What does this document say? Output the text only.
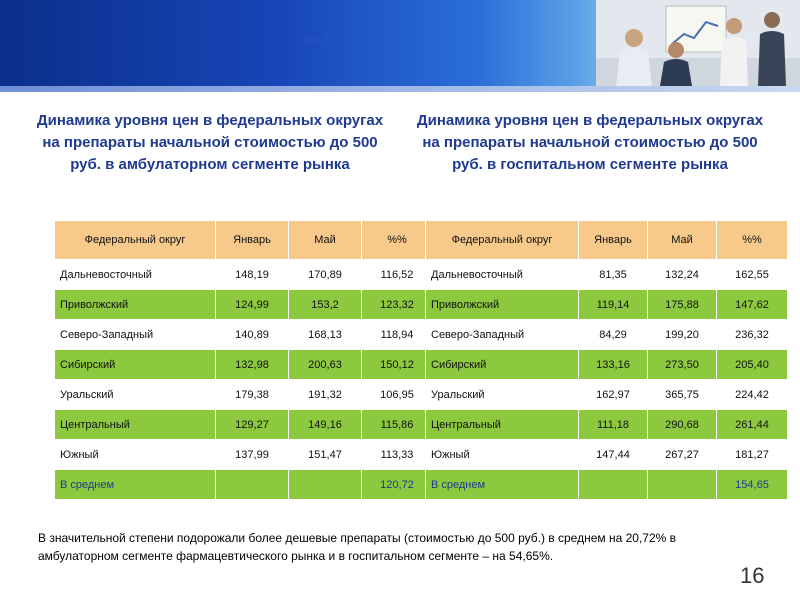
Logo Zu

Динамика уровня цен в федеральных округах на препараты начальной стоимостью до 500 руб. в амбулаторном сегменте рынка

Динамика уровня цен в федеральных округах на препараты начальной стоимостью до 500 руб. в госпитальном сегменте рынка

Федеральный округ	Январь	Май	%%
Дальневосточный	148,19	170,89	116,52
Приволжский	124,99	153,2	123,32
Северо-Западный	140,89	168,13	118,94
Сибирский	132,98	200,63	150,12
Уральский	179,38	191,32	106,95
Центральный	129,27	149,16	115,86
Южный	137,99	151,47	113,33
В среднем			120,72
Федеральный округ	Январь	Май	%%
Дальневосточный	81,35	132,24	162,55
Приволжский	119,14	175,88	147,62
Северо-Западный	84,29	199,20	236,32
Сибирский	133,16	273,50	205,40
Уральский	162,97	365,75	224,42
Центральный	111,18	290,68	261,44
Южный	147,44	267,27	181,27
В среднем			154,65

В значительной степени подорожали более дешевые препараты (стоимостью до 500 руб.) в среднем на 20,72% в амбулаторном сегменте фармацевтического рынка и в госпитальном сегменте – на 54,65%.

16
